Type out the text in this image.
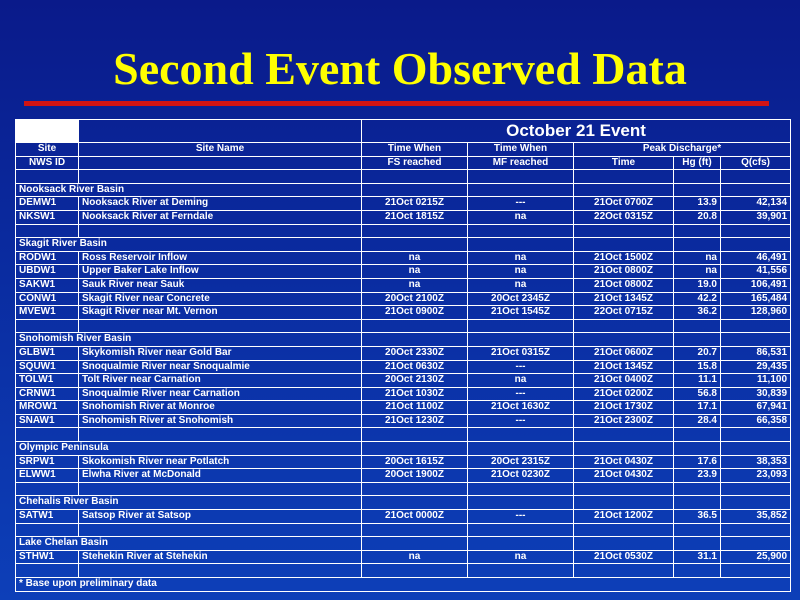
Second Event Observed Data
		October 21 Event				
Site	Site Name	Time When	Time When	Peak Discharge*		
NWS ID		FS reached	MF reached	Time	Hg (ft)	Q(cfs)

Nooksack River Basin						
DEMW1	Nooksack River at Deming	21Oct 0215Z	---	21Oct 0700Z	13.9	42,134
NKSW1	Nooksack River at Ferndale	21Oct 1815Z	na	22Oct 0315Z	20.8	39,901

Skagit River Basin						
RODW1	Ross Reservoir Inflow	na	na	21Oct 1500Z	na	46,491
UBDW1	Upper Baker Lake Inflow	na	na	21Oct 0800Z	na	41,556
SAKW1	Sauk River near Sauk	na	na	21Oct 0800Z	19.0	106,491
CONW1	Skagit River near Concrete	20Oct 2100Z	20Oct 2345Z	21Oct 1345Z	42.2	165,484
MVEW1	Skagit River near Mt. Vernon	21Oct 0900Z	21Oct 1545Z	22Oct 0715Z	36.2	128,960

Snohomish River Basin						
GLBW1	Skykomish River near Gold Bar	20Oct 2330Z	21Oct 0315Z	21Oct 0600Z	20.7	86,531
SQUW1	Snoqualmie River near Snoqualmie	21Oct 0630Z	---	21Oct 1345Z	15.8	29,435
TOLW1	Tolt River near Carnation	20Oct 2130Z	na	21Oct 0400Z	11.1	11,100
CRNW1	Snoqualmie River near Carnation	21Oct 1030Z	---	21Oct 0200Z	56.8	30,839
MROW1	Snohomish River at Monroe	21Oct 1100Z	21Oct 1630Z	21Oct 1730Z	17.1	67,941
SNAW1	Snohomish River at Snohomish	21Oct 1230Z	---	21Oct 2300Z	28.4	66,358

Olympic Peninsula						
SRPW1	Skokomish River near Potlatch	20Oct 1615Z	20Oct 2315Z	21Oct 0430Z	17.6	38,353
ELWW1	Elwha River at McDonald	20Oct 1900Z	21Oct 0230Z	21Oct 0430Z	23.9	23,093

Chehalis River Basin						
SATW1	Satsop River at Satsop	21Oct 0000Z	---	21Oct 1200Z	36.5	35,852

Lake Chelan Basin						
STHW1	Stehekin River at Stehekin	na	na	21Oct 0530Z	31.1	25,900

* Base upon preliminary data						
